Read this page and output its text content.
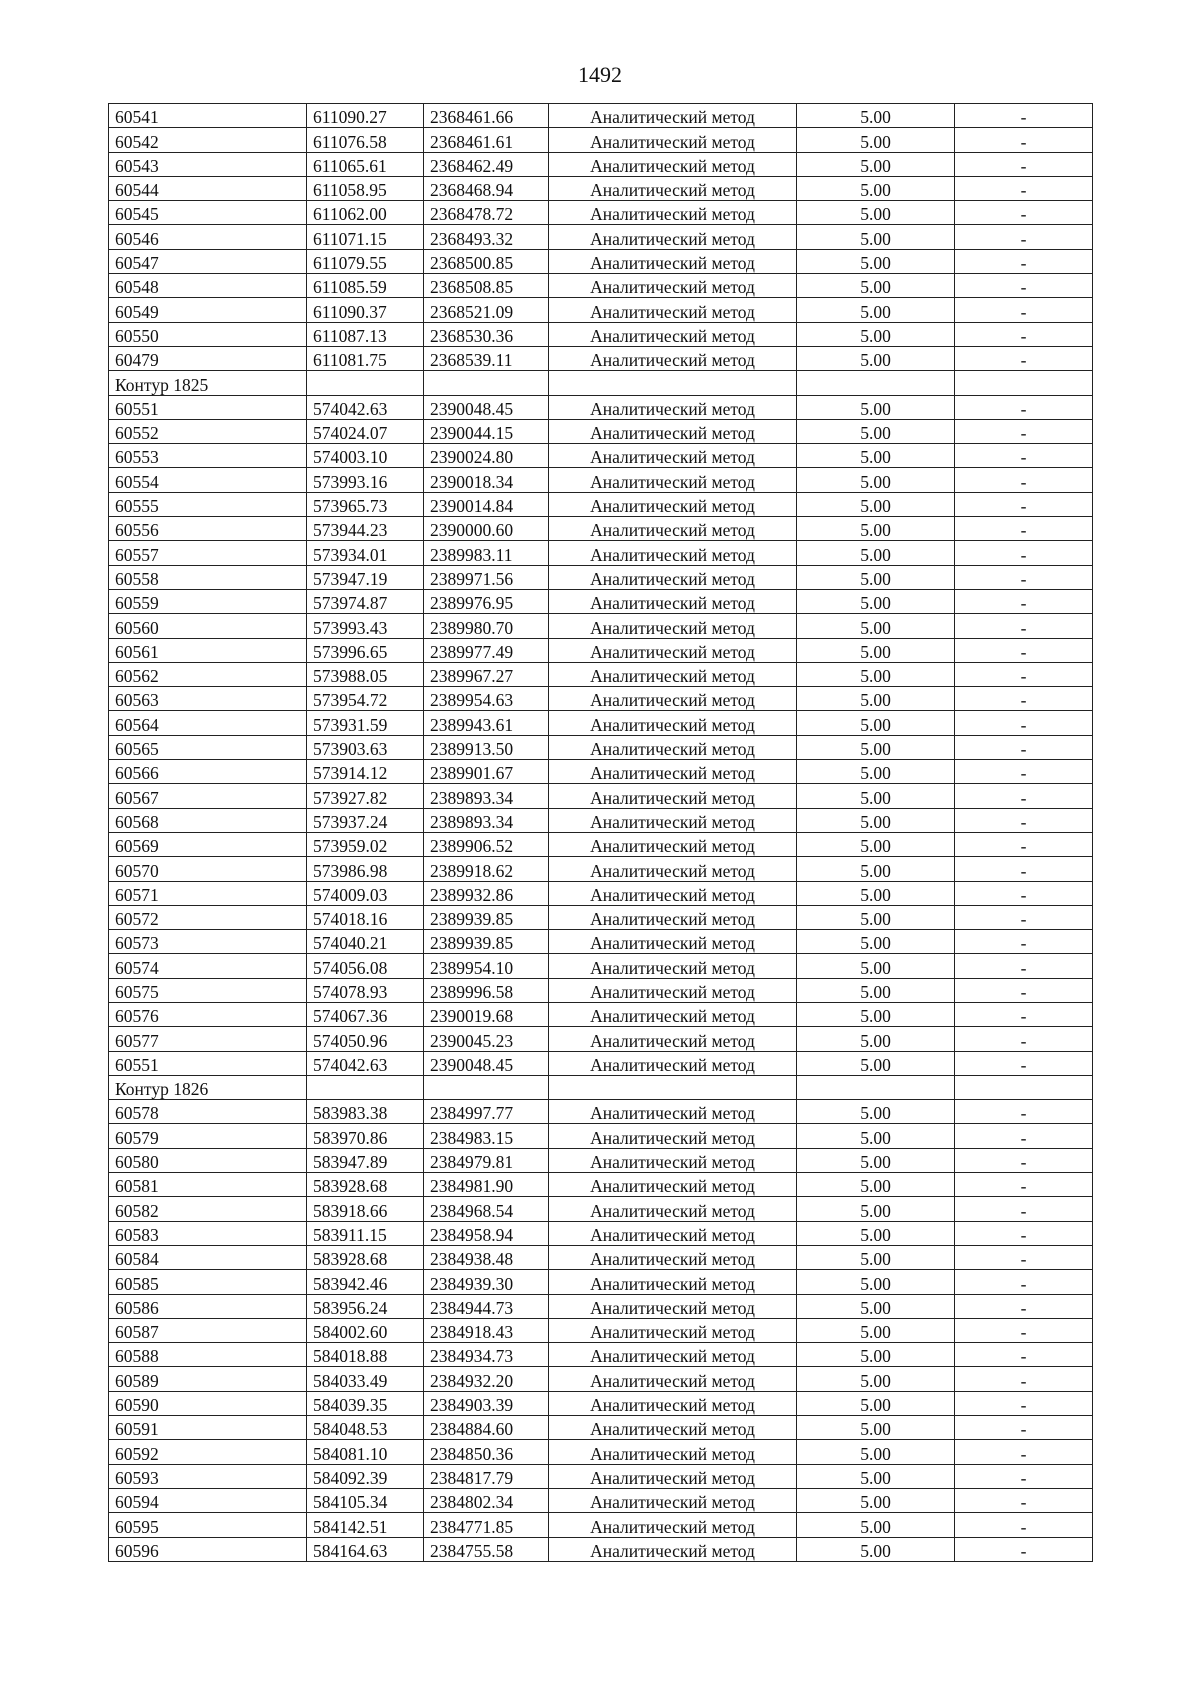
1492
60541	611090.27	2368461.66	Аналитический метод	5.00	-
60542	611076.58	2368461.61	Аналитический метод	5.00	-
60543	611065.61	2368462.49	Аналитический метод	5.00	-
60544	611058.95	2368468.94	Аналитический метод	5.00	-
60545	611062.00	2368478.72	Аналитический метод	5.00	-
60546	611071.15	2368493.32	Аналитический метод	5.00	-
60547	611079.55	2368500.85	Аналитический метод	5.00	-
60548	611085.59	2368508.85	Аналитический метод	5.00	-
60549	611090.37	2368521.09	Аналитический метод	5.00	-
60550	611087.13	2368530.36	Аналитический метод	5.00	-
60479	611081.75	2368539.11	Аналитический метод	5.00	-
Контур 1825					
60551	574042.63	2390048.45	Аналитический метод	5.00	-
60552	574024.07	2390044.15	Аналитический метод	5.00	-
60553	574003.10	2390024.80	Аналитический метод	5.00	-
60554	573993.16	2390018.34	Аналитический метод	5.00	-
60555	573965.73	2390014.84	Аналитический метод	5.00	-
60556	573944.23	2390000.60	Аналитический метод	5.00	-
60557	573934.01	2389983.11	Аналитический метод	5.00	-
60558	573947.19	2389971.56	Аналитический метод	5.00	-
60559	573974.87	2389976.95	Аналитический метод	5.00	-
60560	573993.43	2389980.70	Аналитический метод	5.00	-
60561	573996.65	2389977.49	Аналитический метод	5.00	-
60562	573988.05	2389967.27	Аналитический метод	5.00	-
60563	573954.72	2389954.63	Аналитический метод	5.00	-
60564	573931.59	2389943.61	Аналитический метод	5.00	-
60565	573903.63	2389913.50	Аналитический метод	5.00	-
60566	573914.12	2389901.67	Аналитический метод	5.00	-
60567	573927.82	2389893.34	Аналитический метод	5.00	-
60568	573937.24	2389893.34	Аналитический метод	5.00	-
60569	573959.02	2389906.52	Аналитический метод	5.00	-
60570	573986.98	2389918.62	Аналитический метод	5.00	-
60571	574009.03	2389932.86	Аналитический метод	5.00	-
60572	574018.16	2389939.85	Аналитический метод	5.00	-
60573	574040.21	2389939.85	Аналитический метод	5.00	-
60574	574056.08	2389954.10	Аналитический метод	5.00	-
60575	574078.93	2389996.58	Аналитический метод	5.00	-
60576	574067.36	2390019.68	Аналитический метод	5.00	-
60577	574050.96	2390045.23	Аналитический метод	5.00	-
60551	574042.63	2390048.45	Аналитический метод	5.00	-
Контур 1826					
60578	583983.38	2384997.77	Аналитический метод	5.00	-
60579	583970.86	2384983.15	Аналитический метод	5.00	-
60580	583947.89	2384979.81	Аналитический метод	5.00	-
60581	583928.68	2384981.90	Аналитический метод	5.00	-
60582	583918.66	2384968.54	Аналитический метод	5.00	-
60583	583911.15	2384958.94	Аналитический метод	5.00	-
60584	583928.68	2384938.48	Аналитический метод	5.00	-
60585	583942.46	2384939.30	Аналитический метод	5.00	-
60586	583956.24	2384944.73	Аналитический метод	5.00	-
60587	584002.60	2384918.43	Аналитический метод	5.00	-
60588	584018.88	2384934.73	Аналитический метод	5.00	-
60589	584033.49	2384932.20	Аналитический метод	5.00	-
60590	584039.35	2384903.39	Аналитический метод	5.00	-
60591	584048.53	2384884.60	Аналитический метод	5.00	-
60592	584081.10	2384850.36	Аналитический метод	5.00	-
60593	584092.39	2384817.79	Аналитический метод	5.00	-
60594	584105.34	2384802.34	Аналитический метод	5.00	-
60595	584142.51	2384771.85	Аналитический метод	5.00	-
60596	584164.63	2384755.58	Аналитический метод	5.00	-
